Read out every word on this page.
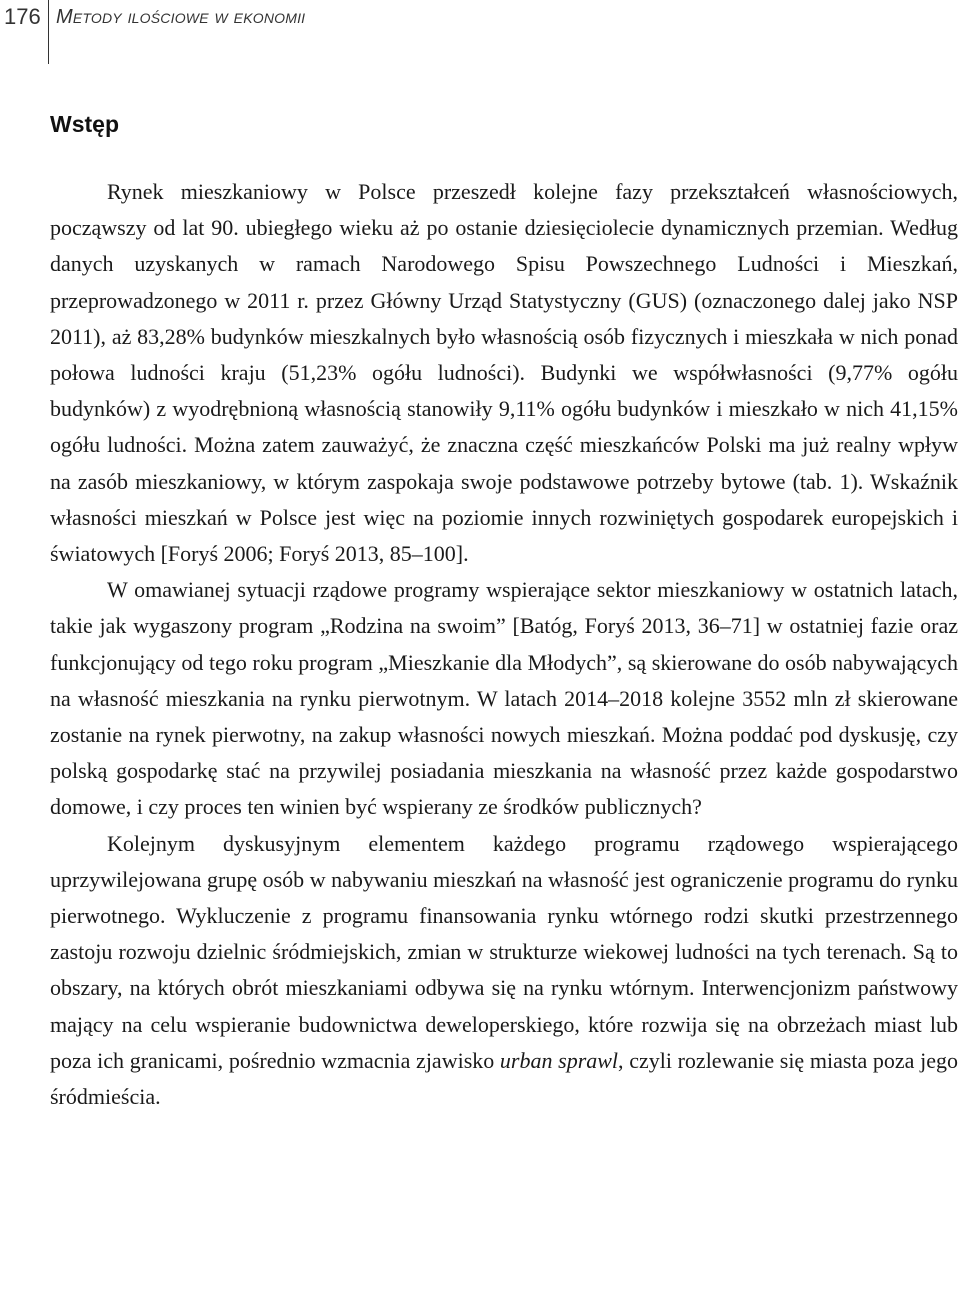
176 Metody ilościowe w ekonomii
Wstęp

Rynek mieszkaniowy w Polsce przeszedł kolejne fazy przekształceń własnościowych, począwszy od lat 90. ubiegłego wieku aż po ostanie dziesięciolecie dynamicznych przemian. Według danych uzyskanych w ramach Narodowego Spisu Powszechnego Ludności i Mieszkań, przeprowadzonego w 2011 r. przez Główny Urząd Statystyczny (GUS) (oznaczonego dalej jako NSP 2011), aż 83,28% budynków mieszkalnych było własnością osób fizycznych i mieszkała w nich ponad połowa ludności kraju (51,23% ogółu ludności). Budynki we współwłasności (9,77% ogółu budynków) z wyodrębnioną własnością stanowiły 9,11% ogółu budynków i mieszkało w nich 41,15% ogółu ludności. Można zatem zauważyć, że znaczna część mieszkańców Polski ma już realny wpływ na zasób mieszkaniowy, w którym zaspokaja swoje podstawowe potrzeby bytowe (tab. 1). Wskaźnik własności mieszkań w Polsce jest więc na poziomie innych rozwiniętych gospodarek europejskich i światowych [Foryś 2006; Foryś 2013, 85–100].

W omawianej sytuacji rządowe programy wspierające sektor mieszkaniowy w ostatnich latach, takie jak wygaszony program „Rodzina na swoim” [Batóg, Foryś 2013, 36–71] w ostatniej fazie oraz funkcjonujący od tego roku program „Mieszkanie dla Młodych”, są skierowane do osób nabywających na własność mieszkania na rynku pierwotnym. W latach 2014–2018 kolejne 3552 mln zł skierowane zostanie na rynek pierwotny, na zakup własności nowych mieszkań. Można poddać pod dyskusję, czy polską gospodarkę stać na przywilej posiadania mieszkania na własność przez każde gospodarstwo domowe, i czy proces ten winien być wspierany ze środków publicznych?

Kolejnym dyskusyjnym elementem każdego programu rządowego wspierającego uprzywilejowana grupę osób w nabywaniu mieszkań na własność jest ograniczenie programu do rynku pierwotnego. Wykluczenie z programu finansowania rynku wtórnego rodzi skutki przestrzennego zastoju rozwoju dzielnic śródmiejskich, zmian w strukturze wiekowej ludności na tych terenach. Są to obszary, na których obrót mieszkaniami odbywa się na rynku wtórnym. Interwencjonizm państwowy mający na celu wspieranie budownictwa deweloperskiego, które rozwija się na obrzeżach miast lub poza ich granicami, pośrednio wzmacnia zjawisko urban sprawl, czyli rozlewanie się miasta poza jego śródmieścia.
